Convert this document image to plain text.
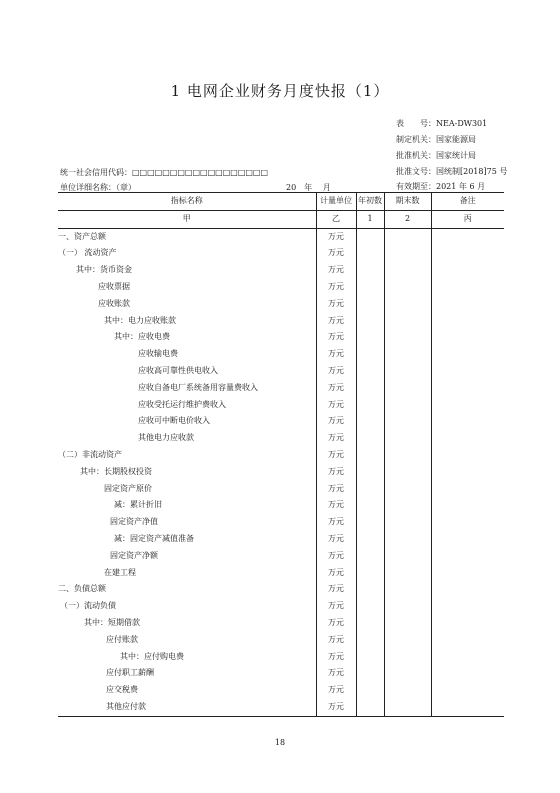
1 电网企业财务月度快报（1）
表　　号：NEA-DW301
制定机关：国家能源局
批准机关：国家统计局
批准文号：国统制[2018]75 号
有效期至：2021 年 6 月
统一社会信用代码：□□□□□□□□□□□□□□□□□□
单位详细名称：（章）	20　年　 月
指标名称	计量单位	年初数	期末数	备注
甲	乙	1	2	丙
一、资产总额	万元			
（一） 流动资产	万元			
其中：货币资金	万元			
应收票据	万元			
应收账款	万元			
其中：电力应收账款	万元			
其中：应收电费	万元			
应收输电费	万元			
应收高可靠性供电收入	万元			
应收自备电厂系统备用容量费收入	万元			
应收受托运行维护费收入	万元			
应收可中断电价收入	万元			
其他电力应收款	万元			
（二）非流动资产	万元			
其中：长期股权投资	万元			
固定资产原价	万元			
减：累计折旧	万元			
固定资产净值	万元			
减：固定资产减值准备	万元			
固定资产净额	万元			
在建工程	万元			
二、负债总额	万元			
（一）流动负债	万元			
其中：短期借款	万元			
应付账款	万元			
其中：应付购电费	万元			
应付职工薪酬	万元			
应交税费	万元			
其他应付款	万元			
18
